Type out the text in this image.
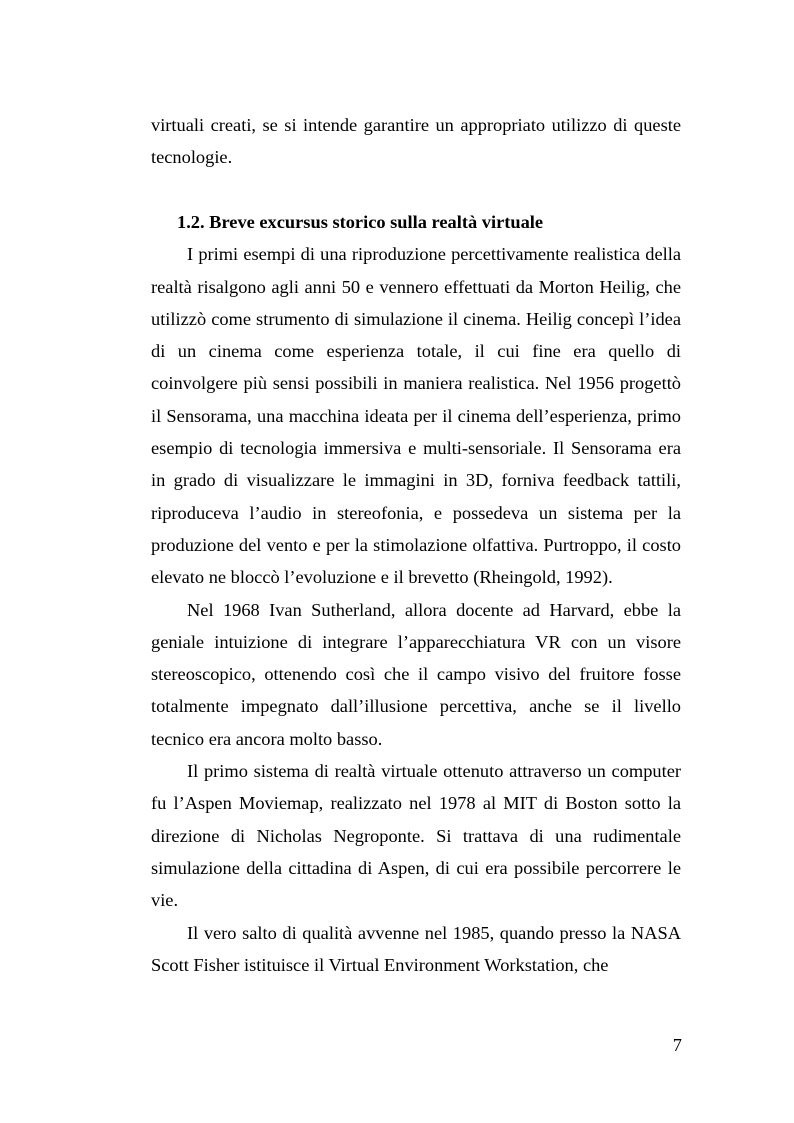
virtuali creati, se si intende garantire un appropriato utilizzo di queste tecnologie.
1.2. Breve excursus storico sulla realtà virtuale

I primi esempi di una riproduzione percettivamente realistica della realtà risalgono agli anni 50 e vennero effettuati da Morton Heilig, che utilizzò come strumento di simulazione il cinema. Heilig concepì l’idea di un cinema come esperienza totale, il cui fine era quello di coinvolgere più sensi possibili in maniera realistica. Nel 1956 progettò il Sensorama, una macchina ideata per il cinema dell’esperienza, primo esempio di tecnologia immersiva e multi-sensoriale. Il Sensorama era in grado di visualizzare le immagini in 3D, forniva feedback tattili, riproduceva l’audio in stereofonia, e possedeva un sistema per la produzione del vento e per la stimolazione olfattiva. Purtroppo, il costo elevato ne bloccò l’evoluzione e il brevetto (Rheingold, 1992).

Nel 1968 Ivan Sutherland, allora docente ad Harvard, ebbe la geniale intuizione di integrare l’apparecchiatura VR con un visore stereoscopico, ottenendo così che il campo visivo del fruitore fosse totalmente impegnato dall’illusione percettiva, anche se il livello tecnico era ancora molto basso.

Il primo sistema di realtà virtuale ottenuto attraverso un computer fu l’Aspen Moviemap, realizzato nel 1978 al MIT di Boston sotto la direzione di Nicholas Negroponte. Si trattava di una rudimentale simulazione della cittadina di Aspen, di cui era possibile percorrere le vie.

Il vero salto di qualità avvenne nel 1985, quando presso la NASA Scott Fisher istituisce il Virtual Environment Workstation, che

7
